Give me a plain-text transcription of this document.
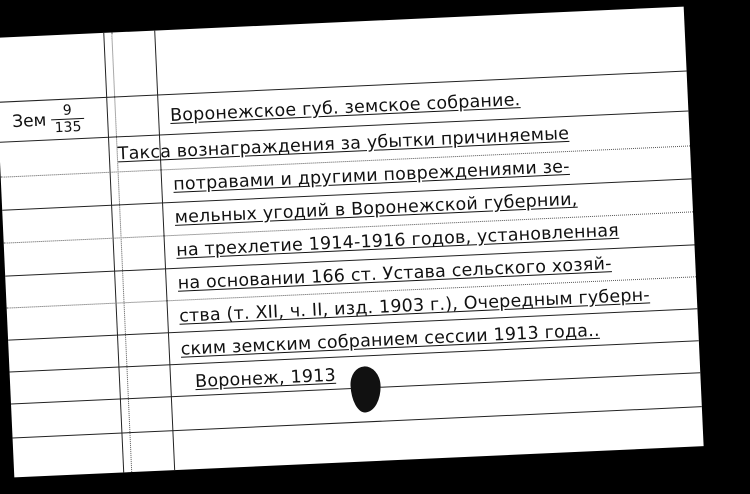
Зем $\frac{9}{135}$	Воронежское губ. земское собрание.
Такса вознаграждения за убытки причиняемые
потравами и другими повреждениями зе-
мельных угодий в Воронежской губернии,
на трехлетие 1914-1916 годов, установленная
на основании 166 ст. Устава сельского хозяй-
ства (т. XII, ч. II, изд. 1903 г.), Очередным губерн-
ским земским собранием сессии 1913 года..
Воронеж, 1913
